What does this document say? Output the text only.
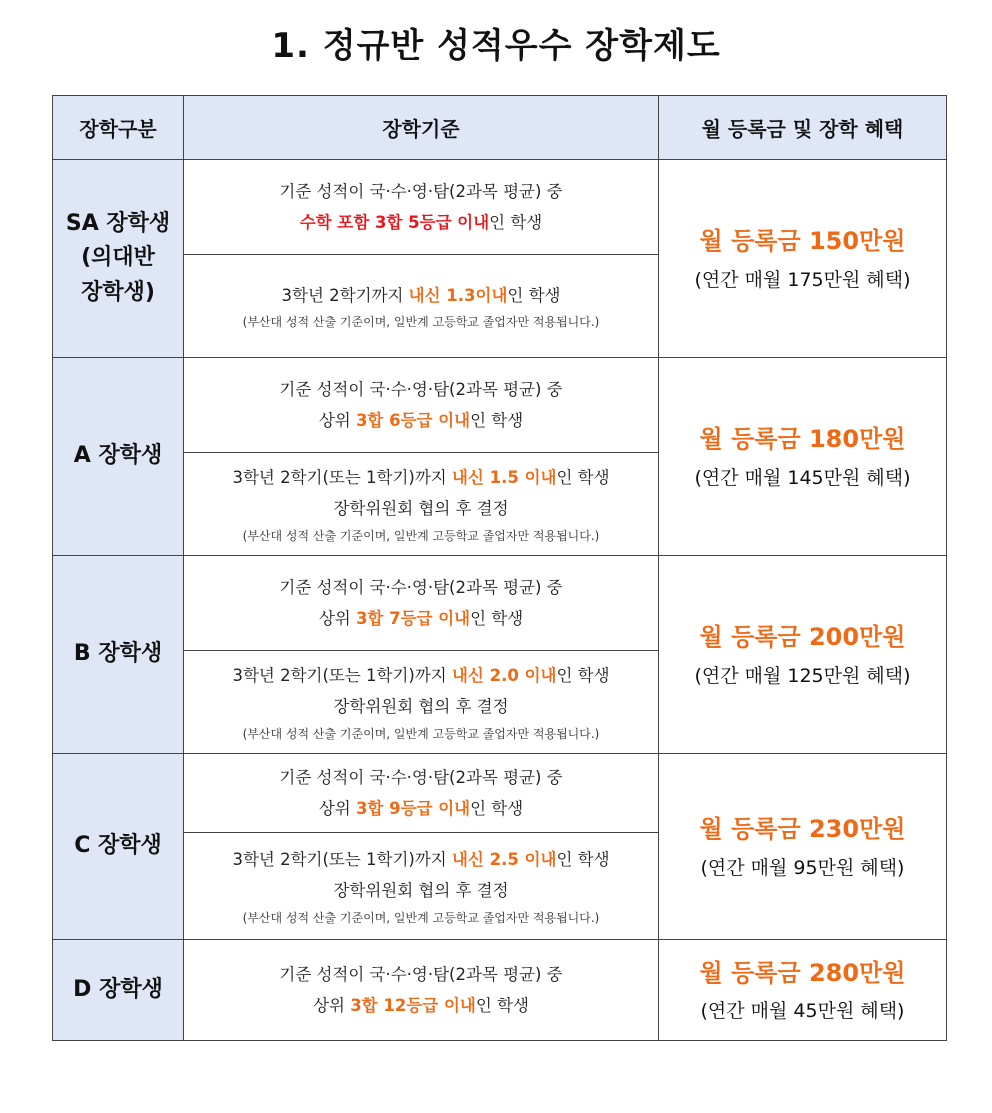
1. 정규반 성적우수 장학제도
장학구분	장학기준	월 등록금 및 장학 혜택

SA 장학생
(의대반
장학생)	기준 성적이 국·수·영·탐(2과목 평균) 중
수학 포함 3합 5등급 이내인 학생	월 등록금 150만원
(연간 매월 175만원 혜택)

	3학년 2학기까지 내신 1.3이내인 학생
(부산대 성적 산출 기준이며, 일반계 고등학교 졸업자만 적용됩니다.)	

A 장학생	기준 성적이 국·수·영·탐(2과목 평균) 중
상위 3합 6등급 이내인 학생	월 등록금 180만원
(연간 매월 145만원 혜택)

	3학년 2학기(또는 1학기)까지 내신 1.5 이내인 학생
장학위원회 협의 후 결정
(부산대 성적 산출 기준이며, 일반계 고등학교 졸업자만 적용됩니다.)	

B 장학생	기준 성적이 국·수·영·탐(2과목 평균) 중
상위 3합 7등급 이내인 학생	월 등록금 200만원
(연간 매월 125만원 혜택)

	3학년 2학기(또는 1학기)까지 내신 2.0 이내인 학생
장학위원회 협의 후 결정
(부산대 성적 산출 기준이며, 일반계 고등학교 졸업자만 적용됩니다.)	

C 장학생	기준 성적이 국·수·영·탐(2과목 평균) 중
상위 3합 9등급 이내인 학생	월 등록금 230만원
(연간 매월 95만원 혜택)

	3학년 2학기(또는 1학기)까지 내신 2.5 이내인 학생
장학위원회 협의 후 결정
(부산대 성적 산출 기준이며, 일반계 고등학교 졸업자만 적용됩니다.)	

D 장학생	기준 성적이 국·수·영·탐(2과목 평균) 중
상위 3합 12등급 이내인 학생	월 등록금 280만원
(연간 매월 45만원 혜택)
